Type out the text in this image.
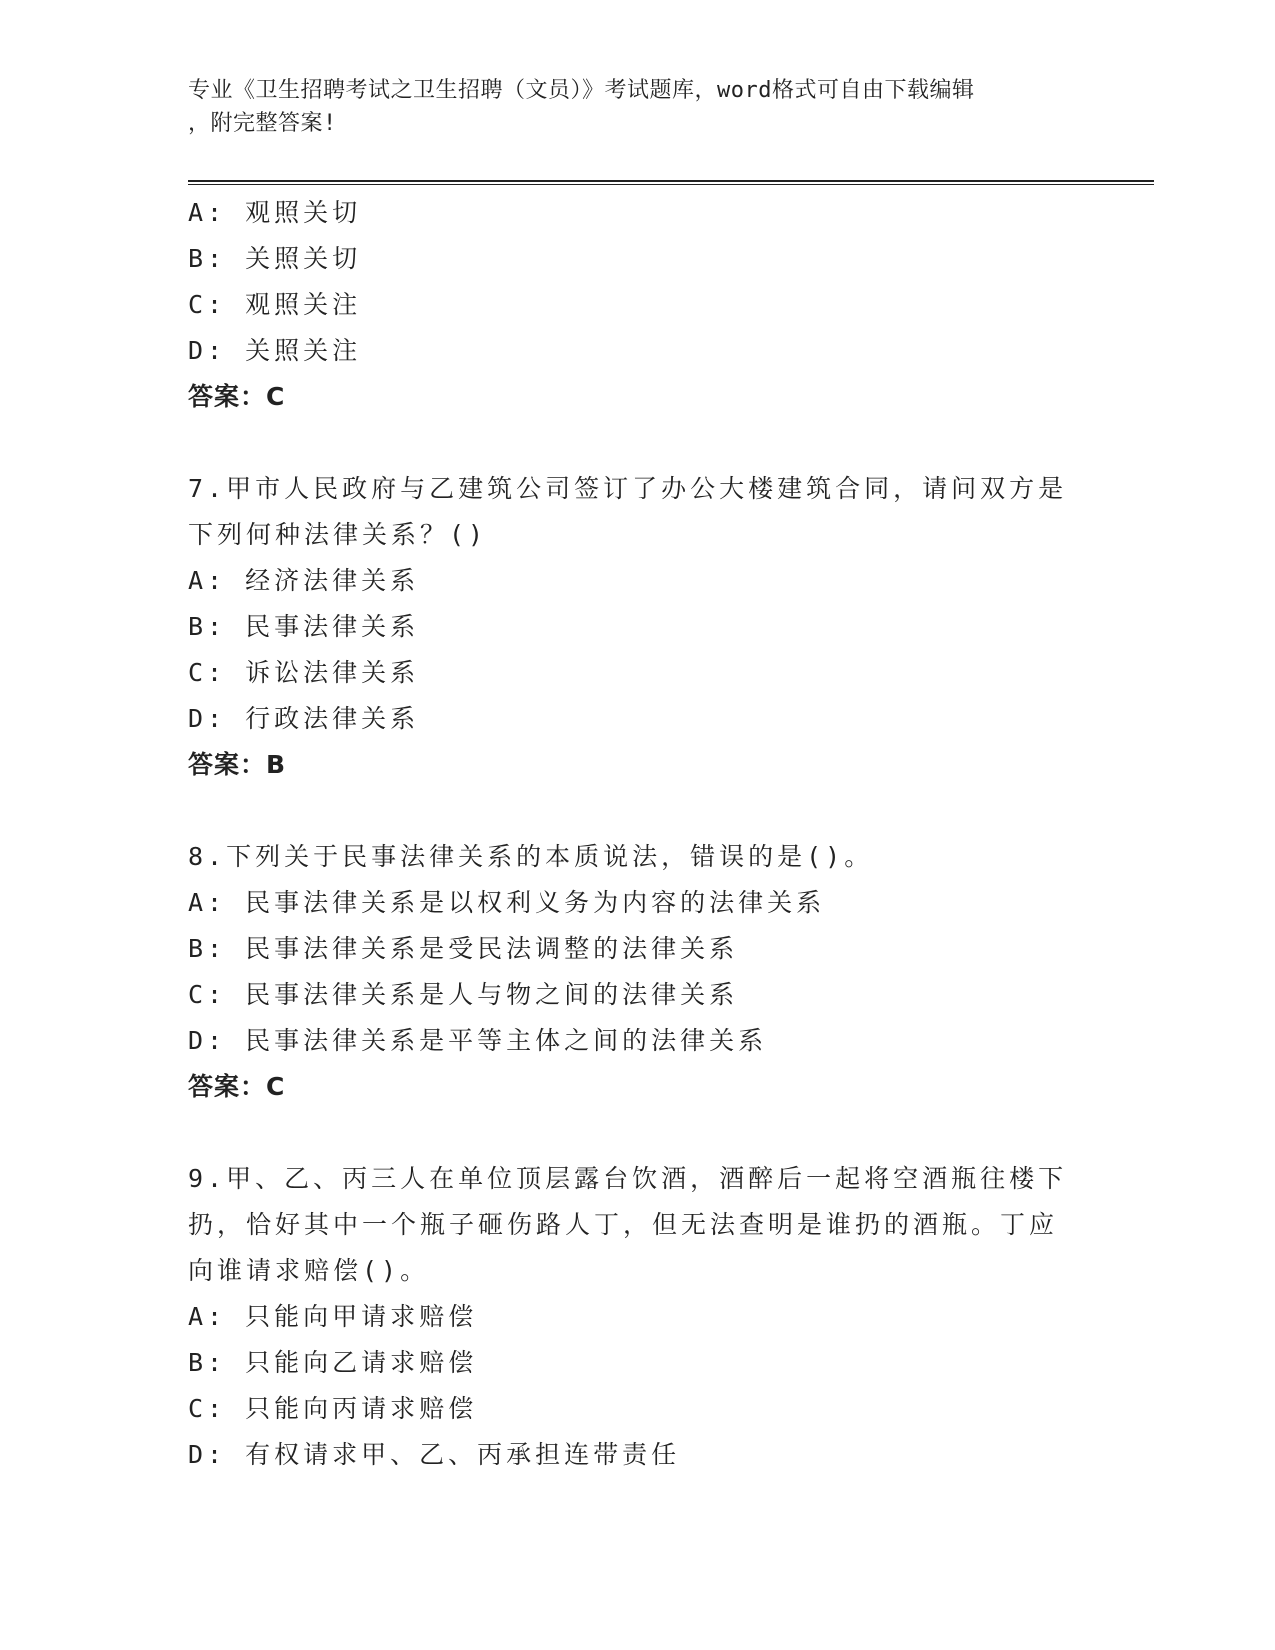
专业《卫生招聘考试之卫生招聘（文员）》考试题库，word格式可自由下载编辑
，附完整答案!
A: 观照关切
B: 关照关切
C: 观照关注
D: 关照关注
答案：C
7.甲市人民政府与乙建筑公司签订了办公大楼建筑合同，请问双方是
下列何种法律关系？()
A: 经济法律关系
B: 民事法律关系
C: 诉讼法律关系
D: 行政法律关系
答案：B
8.下列关于民事法律关系的本质说法，错误的是()。
A: 民事法律关系是以权利义务为内容的法律关系
B: 民事法律关系是受民法调整的法律关系
C: 民事法律关系是人与物之间的法律关系
D: 民事法律关系是平等主体之间的法律关系
答案：C
9.甲、乙、丙三人在单位顶层露台饮酒，酒醉后一起将空酒瓶往楼下
扔，恰好其中一个瓶子砸伤路人丁，但无法查明是谁扔的酒瓶。丁应
向谁请求赔偿()。
A: 只能向甲请求赔偿
B: 只能向乙请求赔偿
C: 只能向丙请求赔偿
D: 有权请求甲、乙、丙承担连带责任
